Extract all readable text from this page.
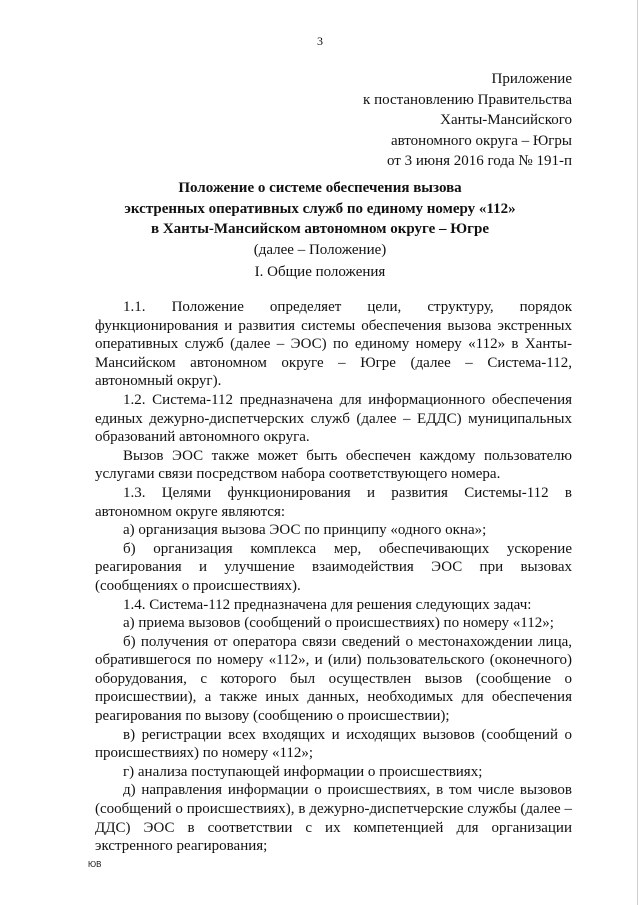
3
Приложение
к постановлению Правительства
Ханты-Мансийского
автономного округа – Югры
от 3 июня 2016 года № 191-п
Положение о системе обеспечения вызова
экстренных оперативных служб по единому номеру «112»
в Ханты-Мансийском автономном округе – Югре
(далее – Положение)
I. Общие положения

1.1. Положение определяет цели, структуру, порядок функционирования и развития системы обеспечения вызова экстренных оперативных служб (далее – ЭОС) по единому номеру «112» в Ханты-Мансийском автономном округе – Югре (далее – Система-112, автономный округ).

1.2. Система-112 предназначена для информационного обеспечения единых дежурно-диспетчерских служб (далее – ЕДДС) муниципальных образований автономного округа.

Вызов ЭОС также может быть обеспечен каждому пользователю услугами связи посредством набора соответствующего номера.

1.3. Целями функционирования и развития Системы-112 в автономном округе являются:

а) организация вызова ЭОС по принципу «одного окна»;

б) организация комплекса мер, обеспечивающих ускорение реагирования и улучшение взаимодействия ЭОС при вызовах (сообщениях о происшествиях).

1.4. Система-112 предназначена для решения следующих задач:

а) приема вызовов (сообщений о происшествиях) по номеру «112»;

б) получения от оператора связи сведений о местонахождении лица, обратившегося по номеру «112», и (или) пользовательского (оконечного) оборудования, с которого был осуществлен вызов (сообщение о происшествии), а также иных данных, необходимых для обеспечения реагирования по вызову (сообщению о происшествии);

в) регистрации всех входящих и исходящих вызовов (сообщений о происшествиях) по номеру «112»;

г) анализа поступающей информации о происшествиях;

д) направления информации о происшествиях, в том числе вызовов (сообщений о происшествиях), в дежурно-диспетчерские службы (далее – ДДС) ЭОС в соответствии с их компетенцией для организации экстренного реагирования;

ЮВ
